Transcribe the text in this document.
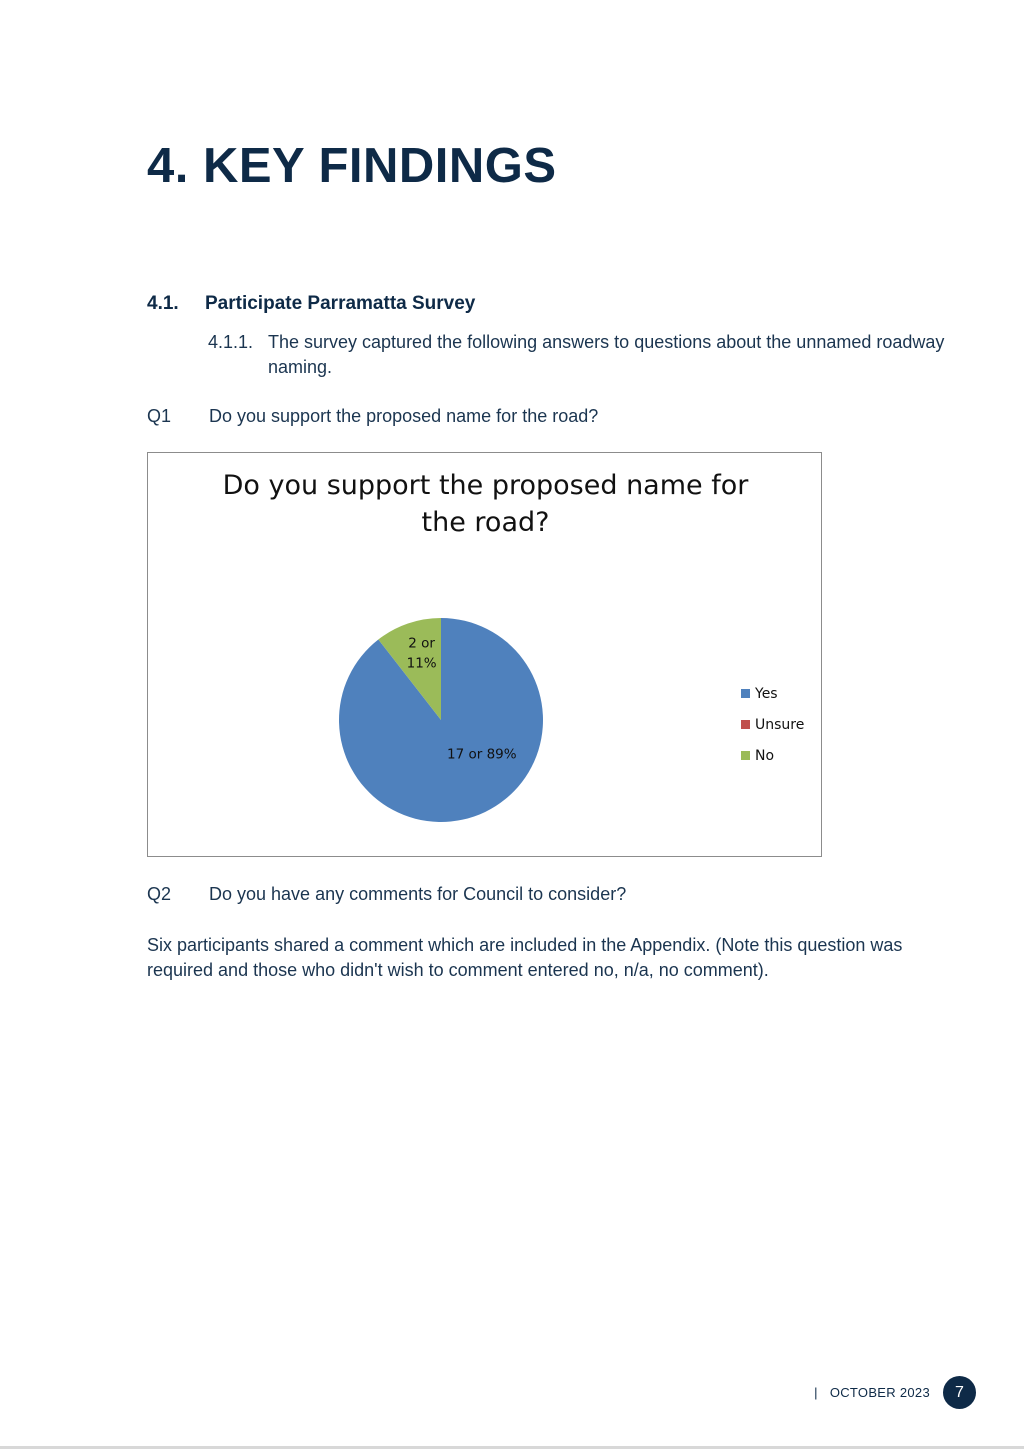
4. KEY FINDINGS
4.1. Participate Parramatta Survey
4.1.1. The survey captured the following answers to questions about the unnamed roadway naming.
Q1 Do you support the proposed name for the road?
Do you support the proposed name for the road?
17 or 89%
2 or 11%
Yes
Unsure
No
Q2 Do you have any comments for Council to consider?
Six participants shared a comment which are included in the Appendix. (Note this question was required and those who didn't wish to comment entered no, n/a, no comment).
| OCTOBER 2023	7
